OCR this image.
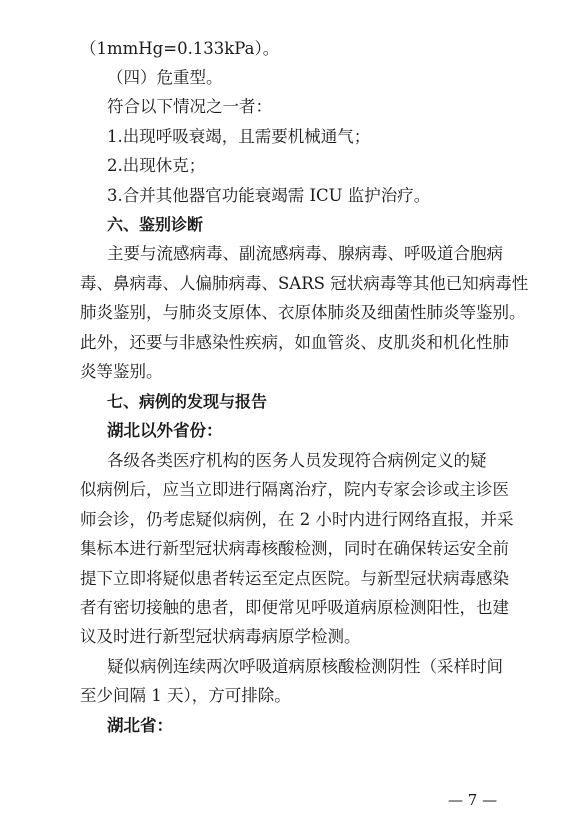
（1mmHg=0.133kPa）。
（四）危重型。
符合以下情况之一者：
1.出现呼吸衰竭，且需要机械通气；
2.出现休克；
3.合并其他器官功能衰竭需 ICU 监护治疗。
六、鉴别诊断
主要与流感病毒、副流感病毒、腺病毒、呼吸道合胞病
毒、鼻病毒、人偏肺病毒、SARS 冠状病毒等其他已知病毒性
肺炎鉴别，与肺炎支原体、衣原体肺炎及细菌性肺炎等鉴别。
此外，还要与非感染性疾病，如血管炎、皮肌炎和机化性肺
炎等鉴别。
七、病例的发现与报告
湖北以外省份：
各级各类医疗机构的医务人员发现符合病例定义的疑
似病例后，应当立即进行隔离治疗，院内专家会诊或主诊医
师会诊，仍考虑疑似病例，在 2 小时内进行网络直报，并采
集标本进行新型冠状病毒核酸检测，同时在确保转运安全前
提下立即将疑似患者转运至定点医院。与新型冠状病毒感染
者有密切接触的患者，即便常见呼吸道病原检测阳性，也建
议及时进行新型冠状病毒病原学检测。
疑似病例连续两次呼吸道病原核酸检测阴性（采样时间
至少间隔 1 天），方可排除。
湖北省：
— 7 —
